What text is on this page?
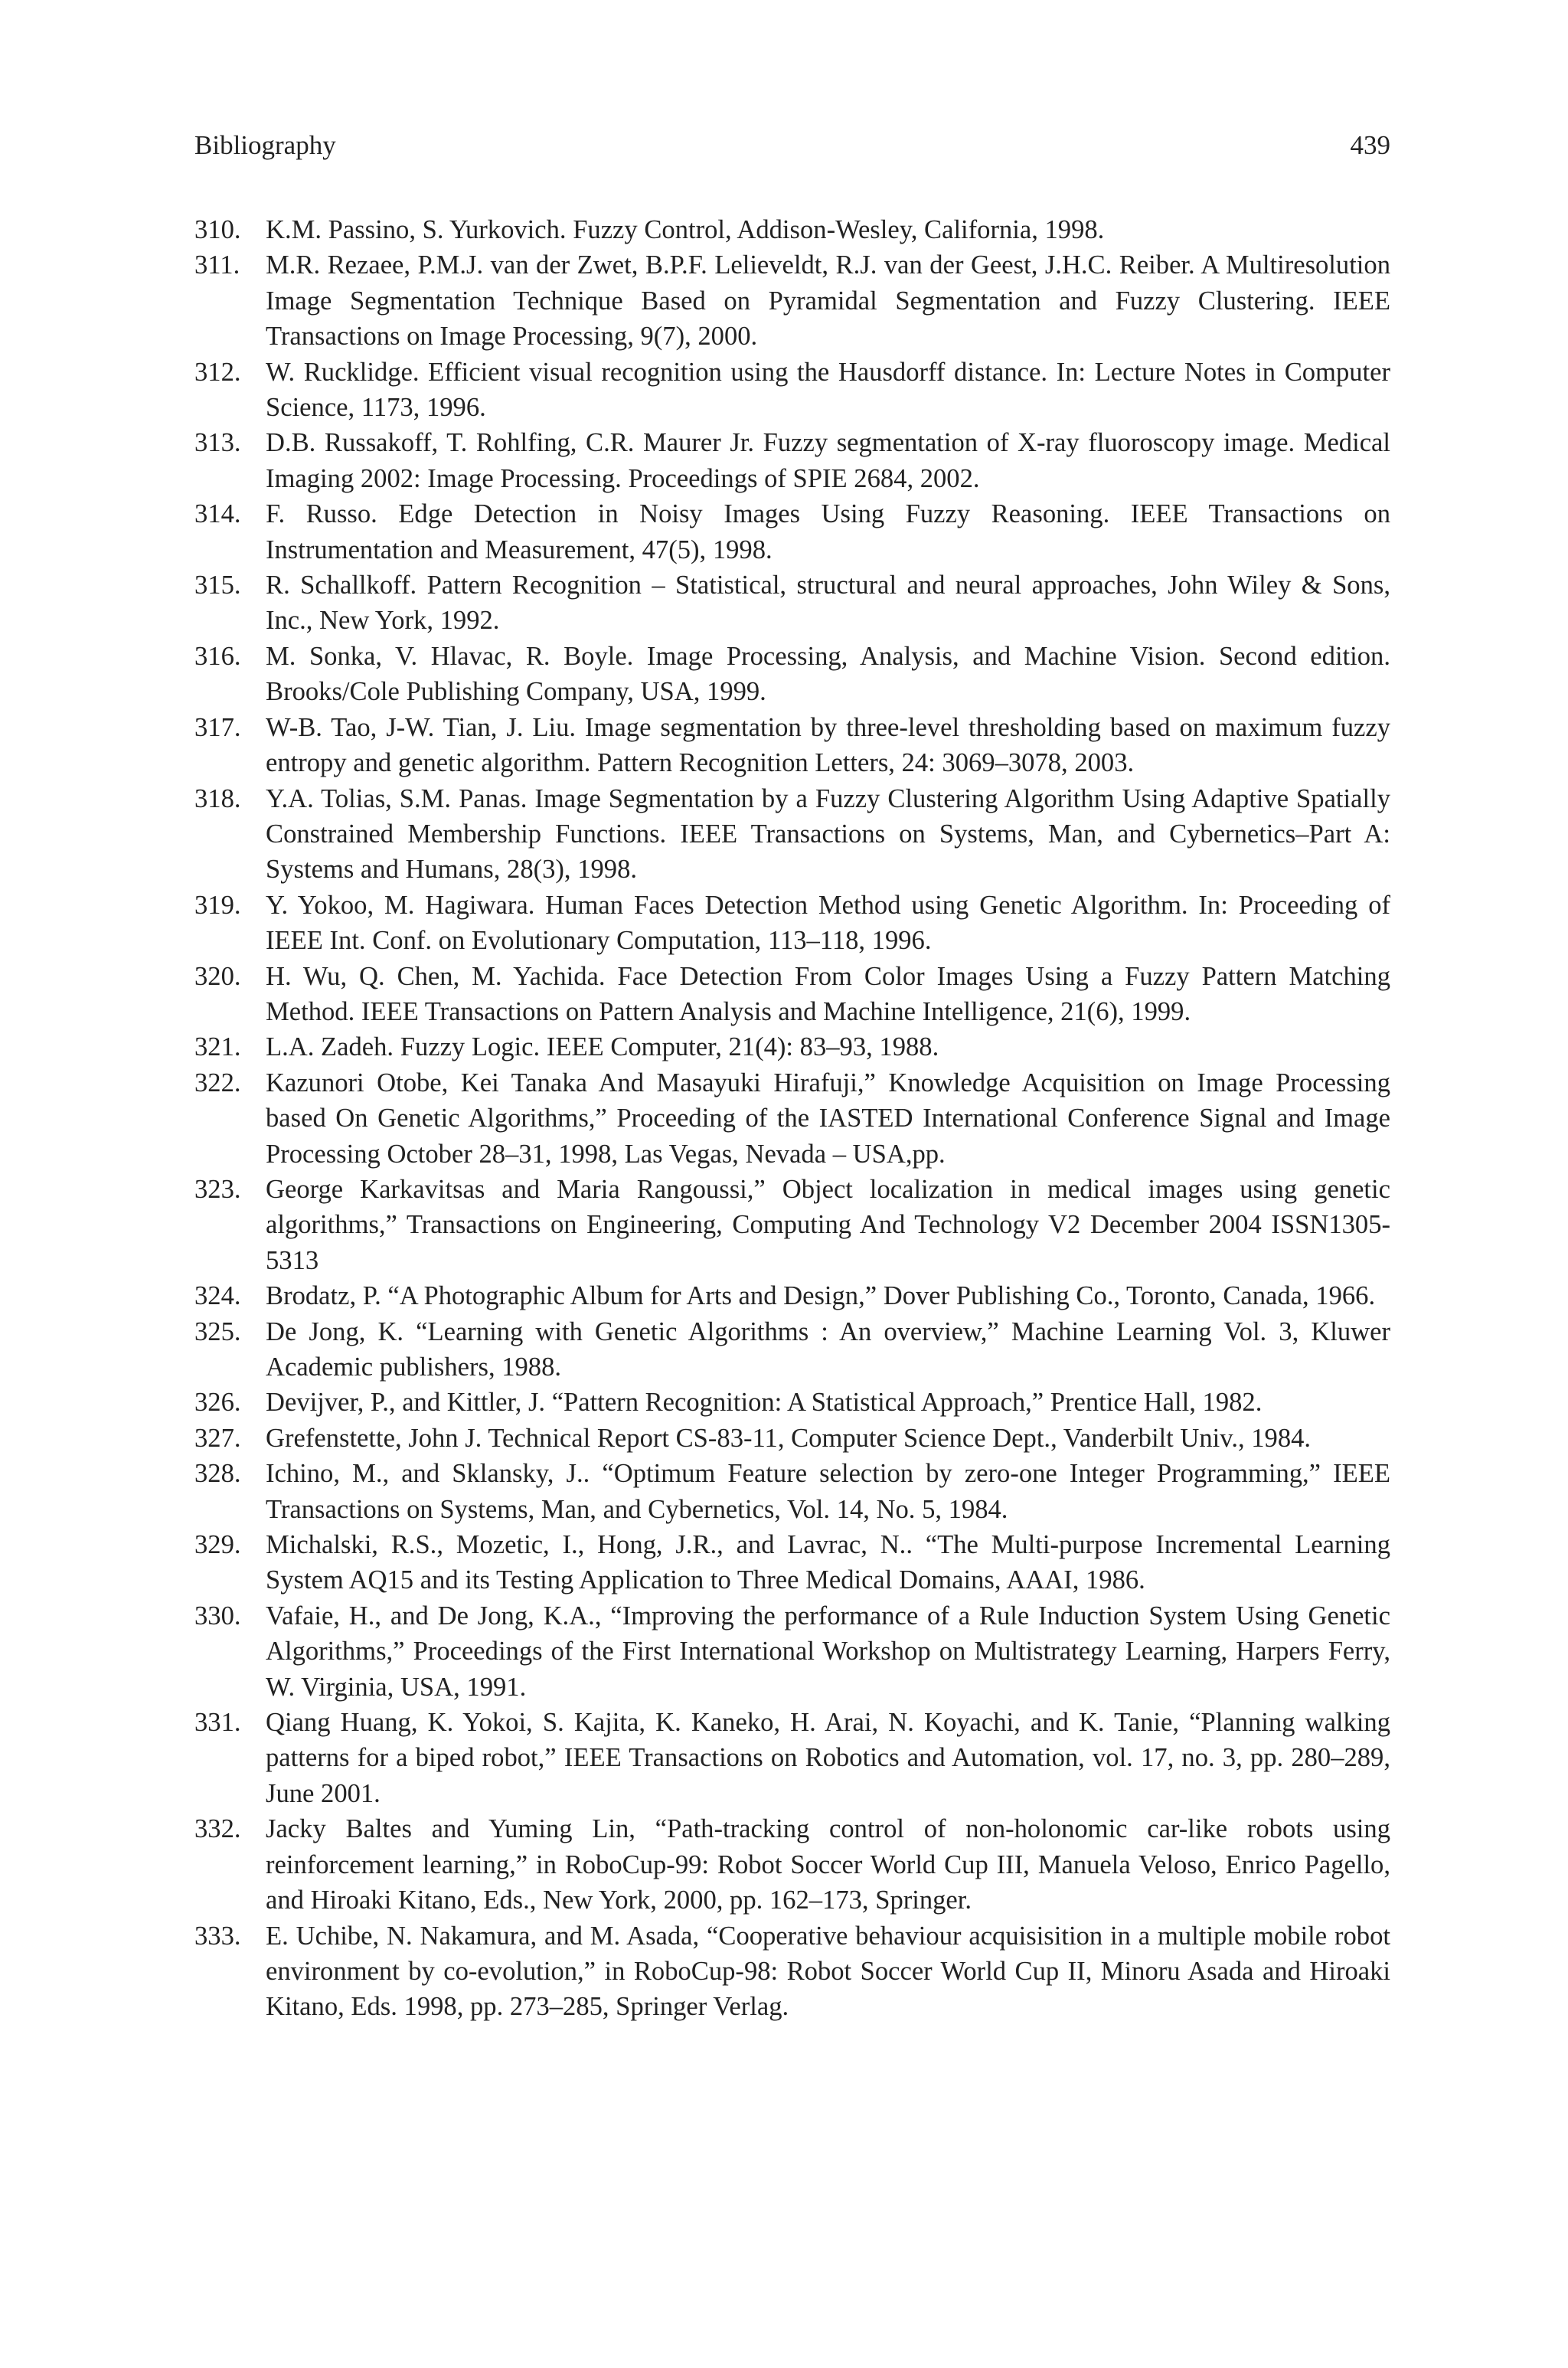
Bibliography	439
310. K.M. Passino, S. Yurkovich. Fuzzy Control, Addison-Wesley, California, 1998.
311. M.R. Rezaee, P.M.J. van der Zwet, B.P.F. Lelieveldt, R.J. van der Geest, J.H.C. Reiber. A Multiresolution Image Segmentation Technique Based on Pyramidal Segmentation and Fuzzy Clustering. IEEE Transactions on Image Processing, 9(7), 2000.
312. W. Rucklidge. Efficient visual recognition using the Hausdorff distance. In: Lecture Notes in Computer Science, 1173, 1996.
313. D.B. Russakoff, T. Rohlfing, C.R. Maurer Jr. Fuzzy segmentation of X-ray fluoroscopy image. Medical Imaging 2002: Image Processing. Proceedings of SPIE 2684, 2002.
314. F. Russo. Edge Detection in Noisy Images Using Fuzzy Reasoning. IEEE Transactions on Instrumentation and Measurement, 47(5), 1998.
315. R. Schallkoff. Pattern Recognition – Statistical, structural and neural approaches, John Wiley & Sons, Inc., New York, 1992.
316. M. Sonka, V. Hlavac, R. Boyle. Image Processing, Analysis, and Machine Vision. Second edition. Brooks/Cole Publishing Company, USA, 1999.
317. W-B. Tao, J-W. Tian, J. Liu. Image segmentation by three-level thresholding based on maximum fuzzy entropy and genetic algorithm. Pattern Recognition Letters, 24: 3069–3078, 2003.
318. Y.A. Tolias, S.M. Panas. Image Segmentation by a Fuzzy Clustering Algorithm Using Adaptive Spatially Constrained Membership Functions. IEEE Transactions on Systems, Man, and Cybernetics–Part A: Systems and Humans, 28(3), 1998.
319. Y. Yokoo, M. Hagiwara. Human Faces Detection Method using Genetic Algorithm. In: Proceeding of IEEE Int. Conf. on Evolutionary Computation, 113–118, 1996.
320. H. Wu, Q. Chen, M. Yachida. Face Detection From Color Images Using a Fuzzy Pattern Matching Method. IEEE Transactions on Pattern Analysis and Machine Intelligence, 21(6), 1999.
321. L.A. Zadeh. Fuzzy Logic. IEEE Computer, 21(4): 83–93, 1988.
322. Kazunori Otobe, Kei Tanaka And Masayuki Hirafuji,” Knowledge Acquisition on Image Processing based On Genetic Algorithms,” Proceeding of the IASTED International Conference Signal and Image Processing October 28–31, 1998, Las Vegas, Nevada – USA,pp.
323. George Karkavitsas and Maria Rangoussi,” Object localization in medical images using genetic algorithms,” Transactions on Engineering, Computing And Technology V2 December 2004 ISSN1305-5313
324. Brodatz, P. “A Photographic Album for Arts and Design,” Dover Publishing Co., Toronto, Canada, 1966.
325. De Jong, K. “Learning with Genetic Algorithms : An overview,” Machine Learning Vol. 3, Kluwer Academic publishers, 1988.
326. Devijver, P., and Kittler, J. “Pattern Recognition: A Statistical Approach,” Prentice Hall, 1982.
327. Grefenstette, John J. Technical Report CS-83-11, Computer Science Dept., Vanderbilt Univ., 1984.
328. Ichino, M., and Sklansky, J.. “Optimum Feature selection by zero-one Integer Programming,” IEEE Transactions on Systems, Man, and Cybernetics, Vol. 14, No. 5, 1984.
329. Michalski, R.S., Mozetic, I., Hong, J.R., and Lavrac, N.. “The Multi-purpose Incremental Learning System AQ15 and its Testing Application to Three Medical Domains, AAAI, 1986.
330. Vafaie, H., and De Jong, K.A., “Improving the performance of a Rule Induction System Using Genetic Algorithms,” Proceedings of the First International Workshop on Multistrategy Learning, Harpers Ferry, W. Virginia, USA, 1991.
331. Qiang Huang, K. Yokoi, S. Kajita, K. Kaneko, H. Arai, N. Koyachi, and K. Tanie, “Planning walking patterns for a biped robot,” IEEE Transactions on Robotics and Automation, vol. 17, no. 3, pp. 280–289, June 2001.
332. Jacky Baltes and Yuming Lin, “Path-tracking control of non-holonomic car-like robots using reinforcement learning,” in RoboCup-99: Robot Soccer World Cup III, Manuela Veloso, Enrico Pagello, and Hiroaki Kitano, Eds., New York, 2000, pp. 162–173, Springer.
333. E. Uchibe, N. Nakamura, and M. Asada, “Cooperative behaviour acquisisition in a multiple mobile robot environment by co-evolution,” in RoboCup-98: Robot Soccer World Cup II, Minoru Asada and Hiroaki Kitano, Eds. 1998, pp. 273–285, Springer Verlag.
